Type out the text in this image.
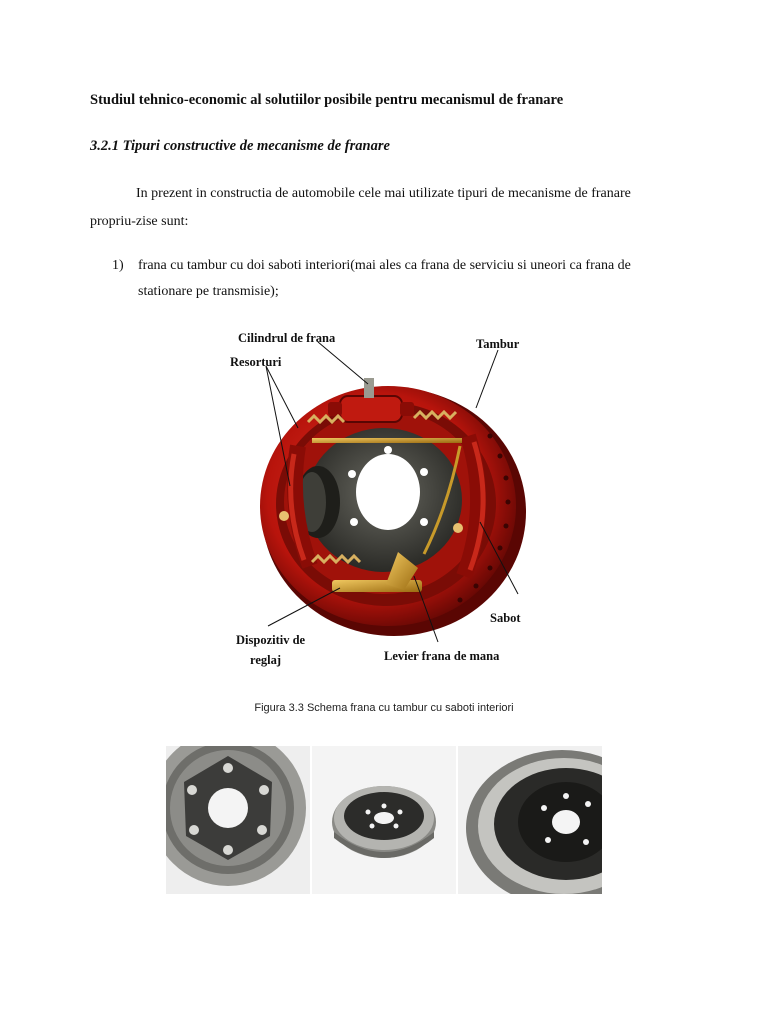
Studiul tehnico-economic al solutiilor posibile pentru mecanismul de franare
3.2.1 Tipuri constructive de mecanisme de franare
In prezent in constructia de automobile cele mai utilizate tipuri de mecanisme de franare
propriu-zise sunt:
1)	frana cu tambur cu doi saboti interiori(mai ales ca frana de serviciu si uneori ca frana de
stationare pe transmisie);
Cilindrul de frana
Resorturi
Tambur
Sabot
Dispozitiv de
reglaj	Levier frana de mana
Figura 3.3 Schema frana cu tambur cu saboti interiori
